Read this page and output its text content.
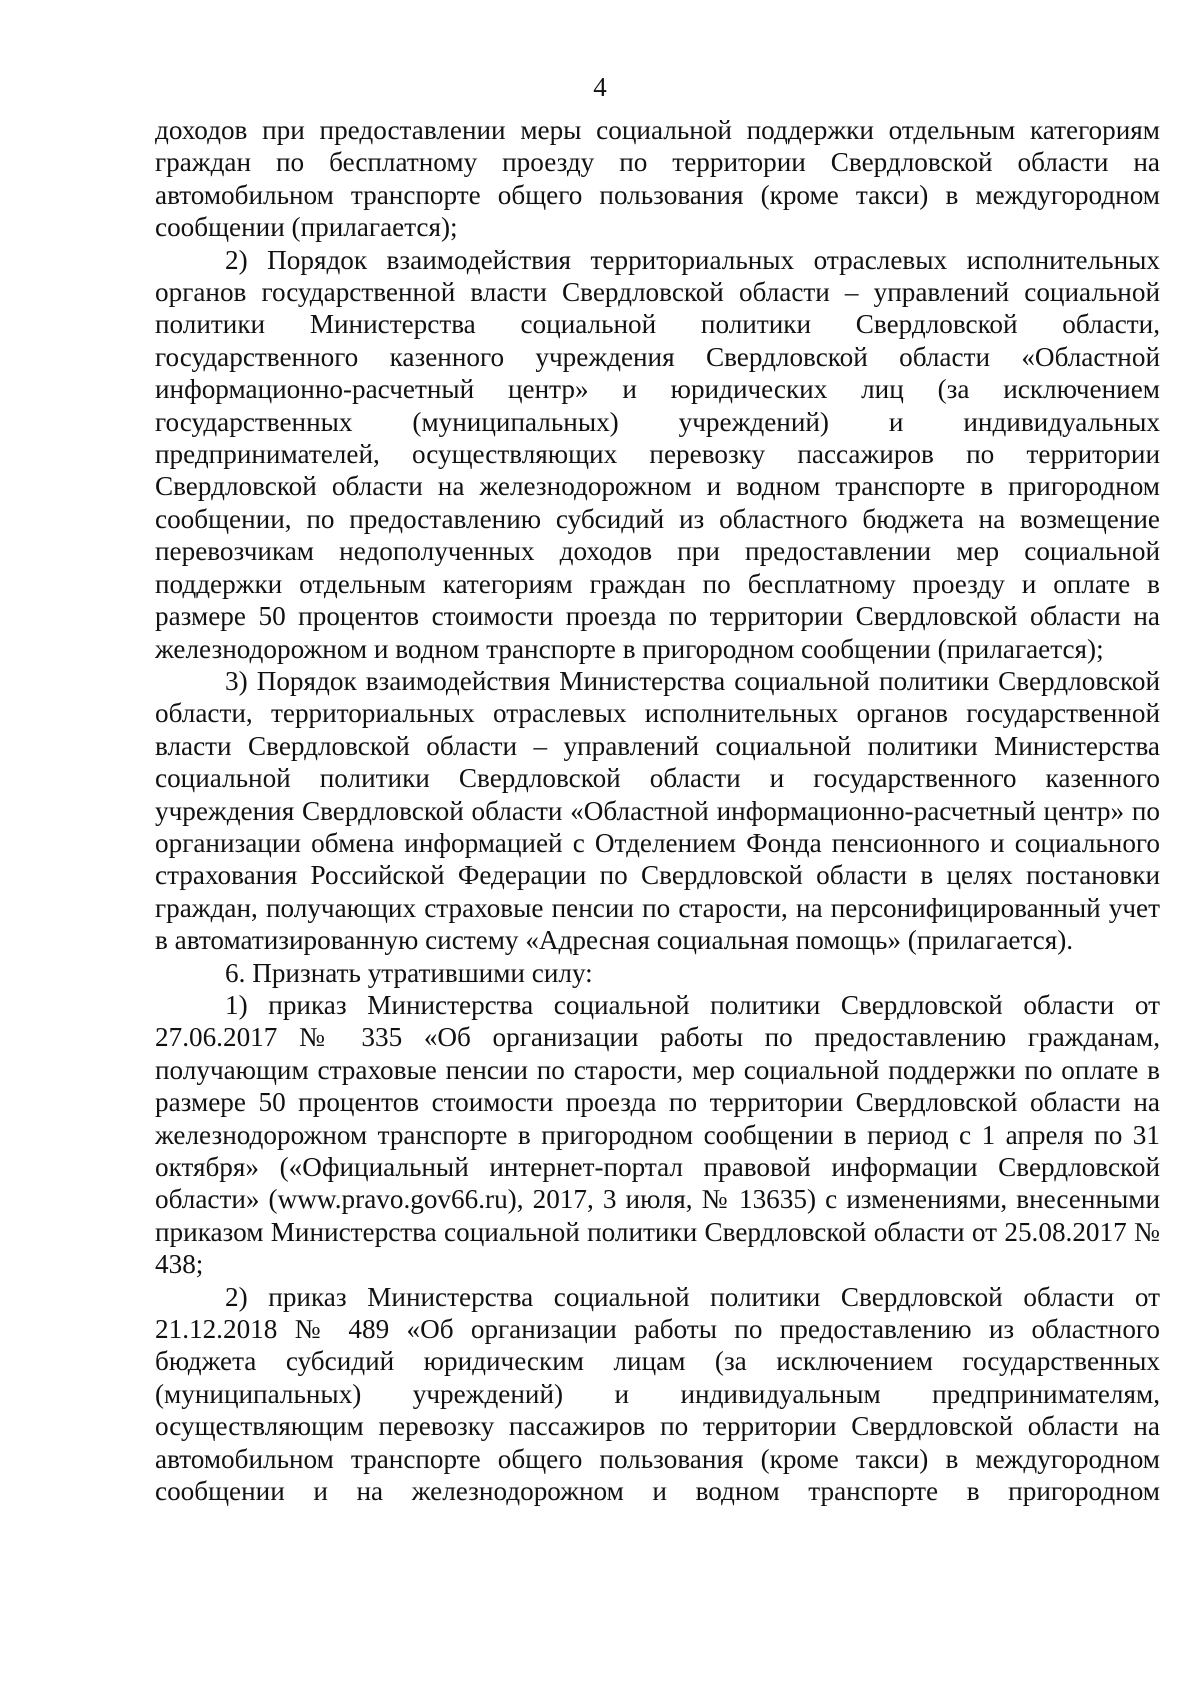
4

доходов при предоставлении меры социальной поддержки отдельным категориям граждан по бесплатному проезду по территории Свердловской области на автомобильном транспорте общего пользования (кроме такси) в междугородном сообщении (прилагается);

2) Порядок взаимодействия территориальных отраслевых исполнительных органов государственной власти Свердловской области – управлений социальной политики Министерства социальной политики Свердловской области, государственного казенного учреждения Свердловской области «Областной информационно-расчетный центр» и юридических лиц (за исключением государственных (муниципальных) учреждений) и индивидуальных предпринимателей, осуществляющих перевозку пассажиров по территории Свердловской области на железнодорожном и водном транспорте в пригородном сообщении, по предоставлению субсидий из областного бюджета на возмещение перевозчикам недополученных доходов при предоставлении мер социальной поддержки отдельным категориям граждан по бесплатному проезду и оплате в размере 50 процентов стоимости проезда по территории Свердловской области на железнодорожном и водном транспорте в пригородном сообщении (прилагается);

3) Порядок взаимодействия Министерства социальной политики Свердловской области, территориальных отраслевых исполнительных органов государственной власти Свердловской области – управлений социальной политики Министерства социальной политики Свердловской области и государственного казенного учреждения Свердловской области «Областной информационно-расчетный центр» по организации обмена информацией с Отделением Фонда пенсионного и социального страхования Российской Федерации по Свердловской области в целях постановки граждан, получающих страховые пенсии по старости, на персонифицированный учет в автоматизированную систему «Адресная социальная помощь» (прилагается).

6. Признать утратившими силу:

1) приказ Министерства социальной политики Свердловской области от 27.06.2017 № 335 «Об организации работы по предоставлению гражданам, получающим страховые пенсии по старости, мер социальной поддержки по оплате в размере 50 процентов стоимости проезда по территории Свердловской области на железнодорожном транспорте в пригородном сообщении в период с 1 апреля по 31 октября» («Официальный интернет-портал правовой информации Свердловской области» (www.pravo.gov66.ru), 2017, 3 июля, № 13635) с изменениями, внесенными приказом Министерства социальной политики Свердловской области от 25.08.2017 № 438;

2) приказ Министерства социальной политики Свердловской области от 21.12.2018 № 489 «Об организации работы по предоставлению из областного бюджета субсидий юридическим лицам (за исключением государственных (муниципальных) учреждений) и индивидуальным предпринимателям, осуществляющим перевозку пассажиров по территории Свердловской области на автомобильном транспорте общего пользования (кроме такси) в междугородном сообщении и на железнодорожном и водном транспорте в пригородном
